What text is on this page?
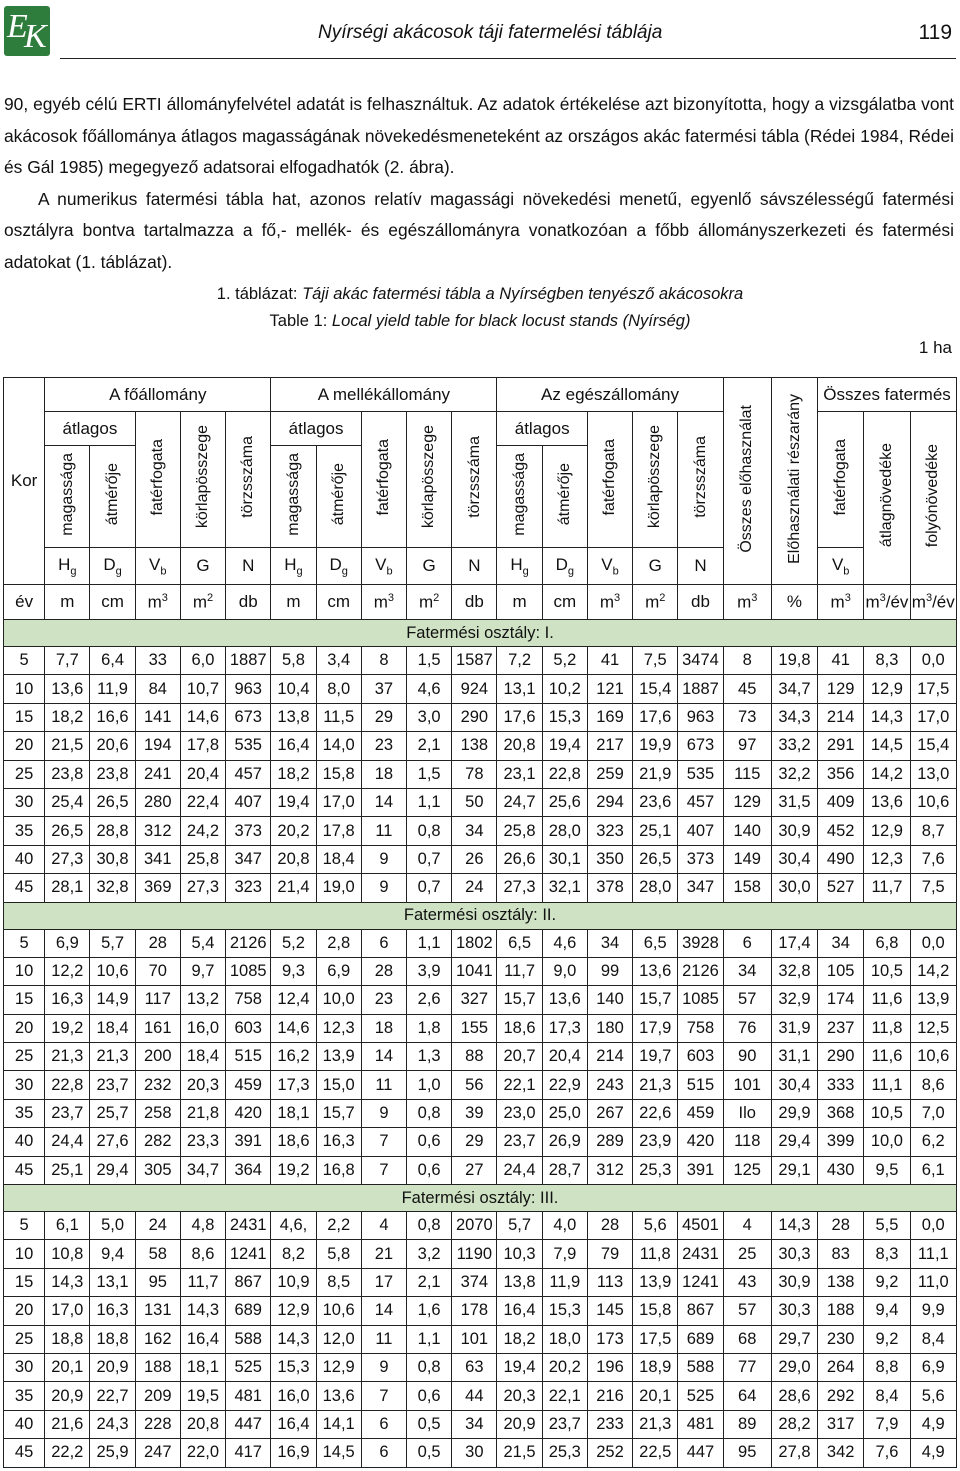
E
K	Nyírségi akácosok táji fatermelési táblája	119

90, egyéb célú ERTI állományfelvétel adatát is felhasználtuk. Az adatok értékelése azt bizonyította, hogy a vizsgálatba vont akácosok főállománya átlagos magasságának növekedésmeneteként az országos akác fatermési tábla (Rédei 1984, Rédei és Gál 1985) megegyező adatsorai elfogadhatók (2. ábra).

A numerikus fatermési tábla hat, azonos relatív magassági növekedési menetű, egyenlő sávszélességű fatermési osztályra bontva tartalmazza a fő,- mellék- és egészállományra vonatkozóan a főbb állományszerkezeti és fatermési adatokat (1. táblázat).

1. táblázat: Táji akác fatermési tábla a Nyírségben tenyésző akácosokra
Table 1: Local yield table for black locust stands (Nyírség)
1 ha
Kor	A főállomány					A mellékállomány					Az egészállomány					Összes előhasználat	Előhasználati részarány	Összes fatermés		
	átlagos		fatérfogata	körlapösszege	törzsszáma	átlagos		fatérfogata	körlapösszege	törzsszáma	átlagos		fatérfogata	körlapösszege	törzsszáma			fatérfogata	átlagnövedéke	folyónövedéke
	magassága	átmérője				magassága	átmérője				magassága	átmérője								
	$H_g$	$D_g$	$V_b$	G	N	$H_g$	$D_g$	$V_b$	G	N	$H_g$	$D_g$	$V_b$	G	N			$V_b$
év	m	cm	$m^3$	$m^2$	db	m	cm	$m^3$	$m^2$	db	m	cm	$m^3$	$m^2$	db	$m^3$	%	$m^3$	$m^3/év$	$m^3/év$
Fatermési osztály: I.																				
5	7,7	6,4	33	6,0	1887	5,8	3,4	8	1,5	1587	7,2	5,2	41	7,5	3474	8	19,8	41	8,3	0,0
10	13,6	11,9	84	10,7	963	10,4	8,0	37	4,6	924	13,1	10,2	121	15,4	1887	45	34,7	129	12,9	17,5
15	18,2	16,6	141	14,6	673	13,8	11,5	29	3,0	290	17,6	15,3	169	17,6	963	73	34,3	214	14,3	17,0
20	21,5	20,6	194	17,8	535	16,4	14,0	23	2,1	138	20,8	19,4	217	19,9	673	97	33,2	291	14,5	15,4
25	23,8	23,8	241	20,4	457	18,2	15,8	18	1,5	78	23,1	22,8	259	21,9	535	115	32,2	356	14,2	13,0
30	25,4	26,5	280	22,4	407	19,4	17,0	14	1,1	50	24,7	25,6	294	23,6	457	129	31,5	409	13,6	10,6
35	26,5	28,8	312	24,2	373	20,2	17,8	11	0,8	34	25,8	28,0	323	25,1	407	140	30,9	452	12,9	8,7
40	27,3	30,8	341	25,8	347	20,8	18,4	9	0,7	26	26,6	30,1	350	26,5	373	149	30,4	490	12,3	7,6
45	28,1	32,8	369	27,3	323	21,4	19,0	9	0,7	24	27,3	32,1	378	28,0	347	158	30,0	527	11,7	7,5
Fatermési osztály: II.																				
5	6,9	5,7	28	5,4	2126	5,2	2,8	6	1,1	1802	6,5	4,6	34	6,5	3928	6	17,4	34	6,8	0,0
10	12,2	10,6	70	9,7	1085	9,3	6,9	28	3,9	1041	11,7	9,0	99	13,6	2126	34	32,8	105	10,5	14,2
15	16,3	14,9	117	13,2	758	12,4	10,0	23	2,6	327	15,7	13,6	140	15,7	1085	57	32,9	174	11,6	13,9
20	19,2	18,4	161	16,0	603	14,6	12,3	18	1,8	155	18,6	17,3	180	17,9	758	76	31,9	237	11,8	12,5
25	21,3	21,3	200	18,4	515	16,2	13,9	14	1,3	88	20,7	20,4	214	19,7	603	90	31,1	290	11,6	10,6
30	22,8	23,7	232	20,3	459	17,3	15,0	11	1,0	56	22,1	22,9	243	21,3	515	101	30,4	333	11,1	8,6
35	23,7	25,7	258	21,8	420	18,1	15,7	9	0,8	39	23,0	25,0	267	22,6	459	Ilo	29,9	368	10,5	7,0
40	24,4	27,6	282	23,3	391	18,6	16,3	7	0,6	29	23,7	26,9	289	23,9	420	118	29,4	399	10,0	6,2
45	25,1	29,4	305	34,7	364	19,2	16,8	7	0,6	27	24,4	28,7	312	25,3	391	125	29,1	430	9,5	6,1
Fatermési osztály: III.																				
5	6,1	5,0	24	4,8	2431	4,6,	2,2	4	0,8	2070	5,7	4,0	28	5,6	4501	4	14,3	28	5,5	0,0
10	10,8	9,4	58	8,6	1241	8,2	5,8	21	3,2	1190	10,3	7,9	79	11,8	2431	25	30,3	83	8,3	11,1
15	14,3	13,1	95	11,7	867	10,9	8,5	17	2,1	374	13,8	11,9	113	13,9	1241	43	30,9	138	9,2	11,0
20	17,0	16,3	131	14,3	689	12,9	10,6	14	1,6	178	16,4	15,3	145	15,8	867	57	30,3	188	9,4	9,9
25	18,8	18,8	162	16,4	588	14,3	12,0	11	1,1	101	18,2	18,0	173	17,5	689	68	29,7	230	9,2	8,4
30	20,1	20,9	188	18,1	525	15,3	12,9	9	0,8	63	19,4	20,2	196	18,9	588	77	29,0	264	8,8	6,9
35	20,9	22,7	209	19,5	481	16,0	13,6	7	0,6	44	20,3	22,1	216	20,1	525	64	28,6	292	8,4	5,6
40	21,6	24,3	228	20,8	447	16,4	14,1	6	0,5	34	20,9	23,7	233	21,3	481	89	28,2	317	7,9	4,9
45	22,2	25,9	247	22,0	417	16,9	14,5	6	0,5	30	21,5	25,3	252	22,5	447	95	27,8	342	7,6	4,9
